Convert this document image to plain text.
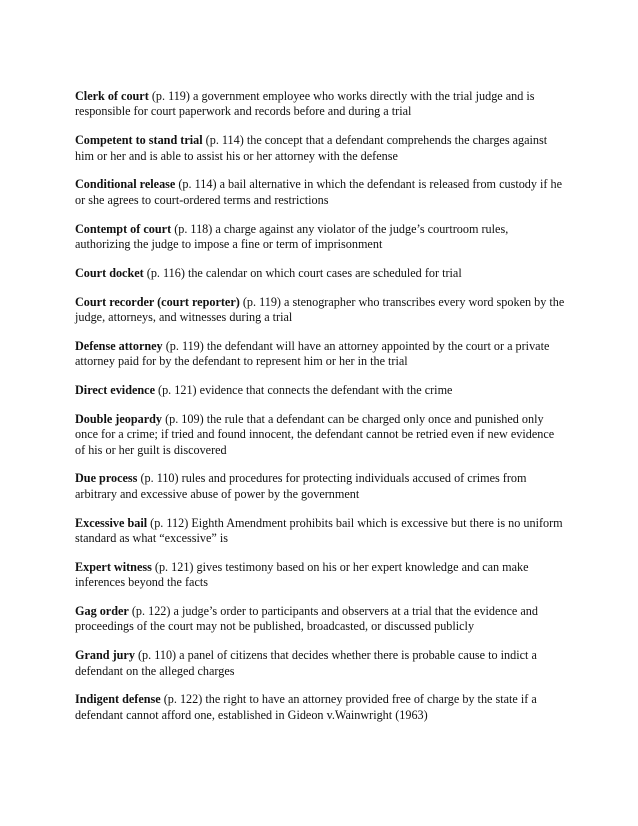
Clerk of court (p. 119) a government employee who works directly with the trial judge and is responsible for court paperwork and records before and during a trial

Competent to stand trial (p. 114) the concept that a defendant comprehends the charges against him or her and is able to assist his or her attorney with the defense

Conditional release (p. 114) a bail alternative in which the defendant is released from custody if he or she agrees to court-ordered terms and restrictions

Contempt of court (p. 118) a charge against any violator of the judge’s courtroom rules, authorizing the judge to impose a fine or term of imprisonment

Court docket (p. 116) the calendar on which court cases are scheduled for trial

Court recorder (court reporter) (p. 119) a stenographer who transcribes every word spoken by the judge, attorneys, and witnesses during a trial

Defense attorney (p. 119) the defendant will have an attorney appointed by the court or a private attorney paid for by the defendant to represent him or her in the trial

Direct evidence (p. 121) evidence that connects the defendant with the crime

Double jeopardy (p. 109) the rule that a defendant can be charged only once and punished only once for a crime; if tried and found innocent, the defendant cannot be retried even if new evidence of his or her guilt is discovered

Due process (p. 110) rules and procedures for protecting individuals accused of crimes from arbitrary and excessive abuse of power by the government

Excessive bail (p. 112) Eighth Amendment prohibits bail which is excessive but there is no uniform standard as what “excessive” is

Expert witness (p. 121) gives testimony based on his or her expert knowledge and can make inferences beyond the facts

Gag order (p. 122) a judge’s order to participants and observers at a trial that the evidence and proceedings of the court may not be published, broadcasted, or discussed publicly

Grand jury (p. 110) a panel of citizens that decides whether there is probable cause to indict a defendant on the alleged charges

Indigent defense (p. 122) the right to have an attorney provided free of charge by the state if a defendant cannot afford one, established in Gideon v.Wainwright (1963)
